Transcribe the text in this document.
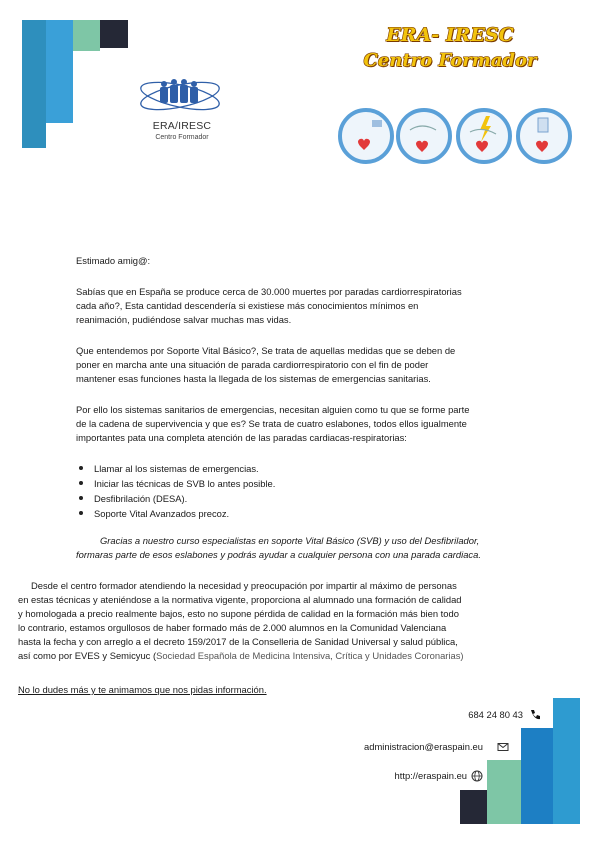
ERA/IRESC
Centro Formador
ERA- IRESC
Centro Formador

Estimado amig@:

Sabías que en España se produce cerca de 30.000 muertes por paradas cardiorrespiratorias

cada año?, Esta cantidad descendería si existiese más conocimientos mínimos en

reanimación, pudiéndose salvar muchas mas vidas.

Que entendemos por Soporte Vital Básico?, Se trata de aquellas medidas que se deben de

poner en marcha ante una situación de parada cardiorrespiratorio con el fin de poder

mantener esas funciones hasta la llegada de los sistemas de emergencias sanitarias.

Por ello los sistemas sanitarios de emergencias, necesitan alguien como tu que se forme parte

de la cadena de supervivencia y que es? Se trata de cuatro eslabones, todos ellos igualmente

importantes pata una completa atención de las paradas cardiacas-respiratorias:

Llamar al los sistemas de emergencias.
Iniciar las técnicas de SVB lo antes posible.
Desfibrilación (DESA).
Soporte Vital Avanzados precoz.

Gracias a nuestro curso especialistas en soporte Vital Básico (SVB) y uso del Desfibrilador,

formaras parte de esos eslabones y podrás ayudar a cualquier persona con una parada cardiaca.

Desde el centro formador atendiendo la necesidad y preocupación por impartir al máximo de personas

en estas técnicas y ateniéndose a la normativa vigente, proporciona al alumnado una formación de calidad

y homologada a precio realmente bajos, esto no supone pérdida de calidad en la formación más bien todo

lo contrario, estamos orgullosos de haber formado más de 2.000 alumnos en la Comunidad Valenciana

hasta la fecha y con arreglo a el decreto 159/2017 de la Conselleria de Sanidad Universal y salud pública,

así como por EVES y Semicyuc (Sociedad Española de Medicina Intensiva, Crítica y Unidades Coronarias)

No lo dudes más y te animamos que nos pidas información.

684 24 80 43
administracion@eraspain.eu
http://eraspain.eu
